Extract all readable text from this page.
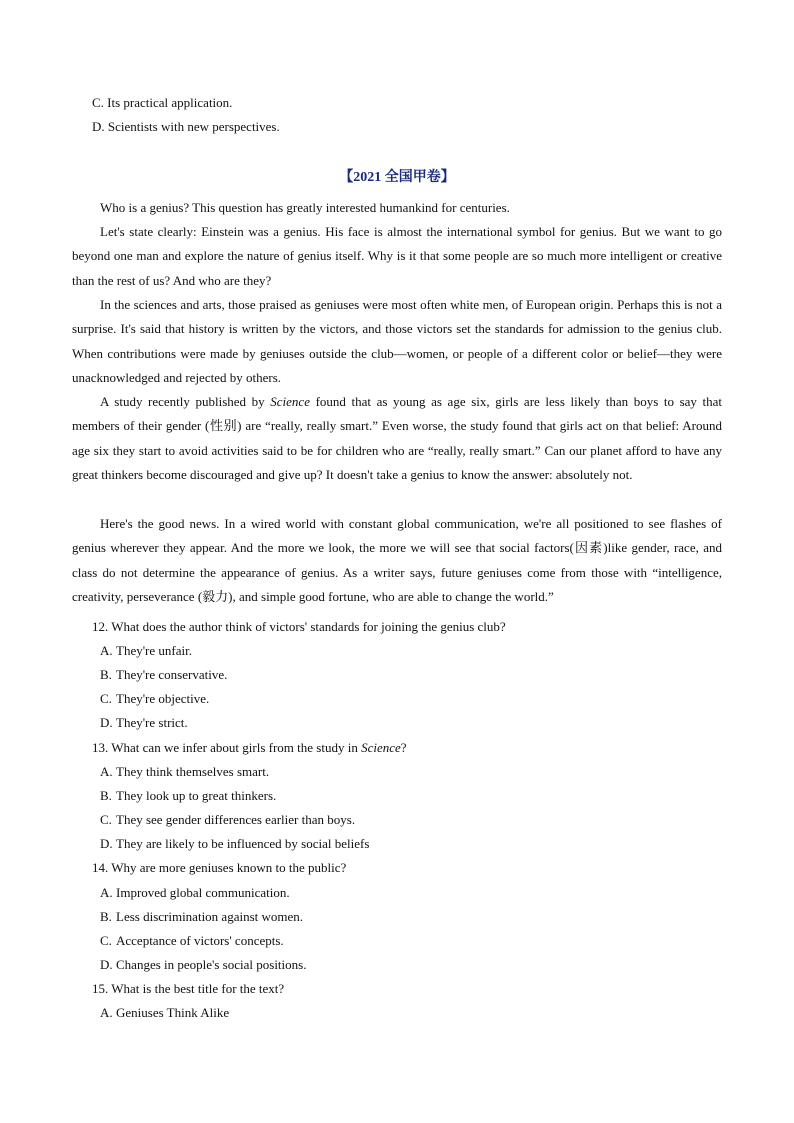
C. Its practical application.
D. Scientists with new perspectives.
【2021 全国甲卷】
Who is a genius? This question has greatly interested humankind for centuries.
Let's state clearly: Einstein was a genius. His face is almost the international symbol for genius. But we want to go beyond one man and explore the nature of genius itself. Why is it that some people are so much more intelligent or creative than the rest of us? And who are they?
In the sciences and arts, those praised as geniuses were most often white men, of European origin. Perhaps this is not a surprise. It's said that history is written by the victors, and those victors set the standards for admission to the genius club. When contributions were made by geniuses outside the club—women, or people of a different color or belief—they were unacknowledged and rejected by others.
A study recently published by Science found that as young as age six, girls are less likely than boys to say that members of their gender (性别) are “really, really smart.” Even worse, the study found that girls act on that belief: Around age six they start to avoid activities said to be for children who are “really, really smart.” Can our planet afford to have any great thinkers become discouraged and give up? It doesn't take a genius to know the answer: absolutely not.
Here's the good news. In a wired world with constant global communication, we're all positioned to see flashes of genius wherever they appear. And the more we look, the more we will see that social factors(因素)like gender, race, and class do not determine the appearance of genius. As a writer says, future geniuses come from those with “intelligence, creativity, perseverance (毅力), and simple good fortune, who are able to change the world.”
12. What does the author think of victors' standards for joining the genius club?
A. They're unfair.
B. They're conservative.
C. They're objective.
D. They're strict.
13. What can we infer about girls from the study in Science?
A. They think themselves smart.
B. They look up to great thinkers.
C. They see gender differences earlier than boys.
D. They are likely to be influenced by social beliefs
14. Why are more geniuses known to the public?
A. Improved global communication.
B. Less discrimination against women.
C. Acceptance of victors' concepts.
D. Changes in people's social positions.
15. What is the best title for the text?
A. Geniuses Think Alike
